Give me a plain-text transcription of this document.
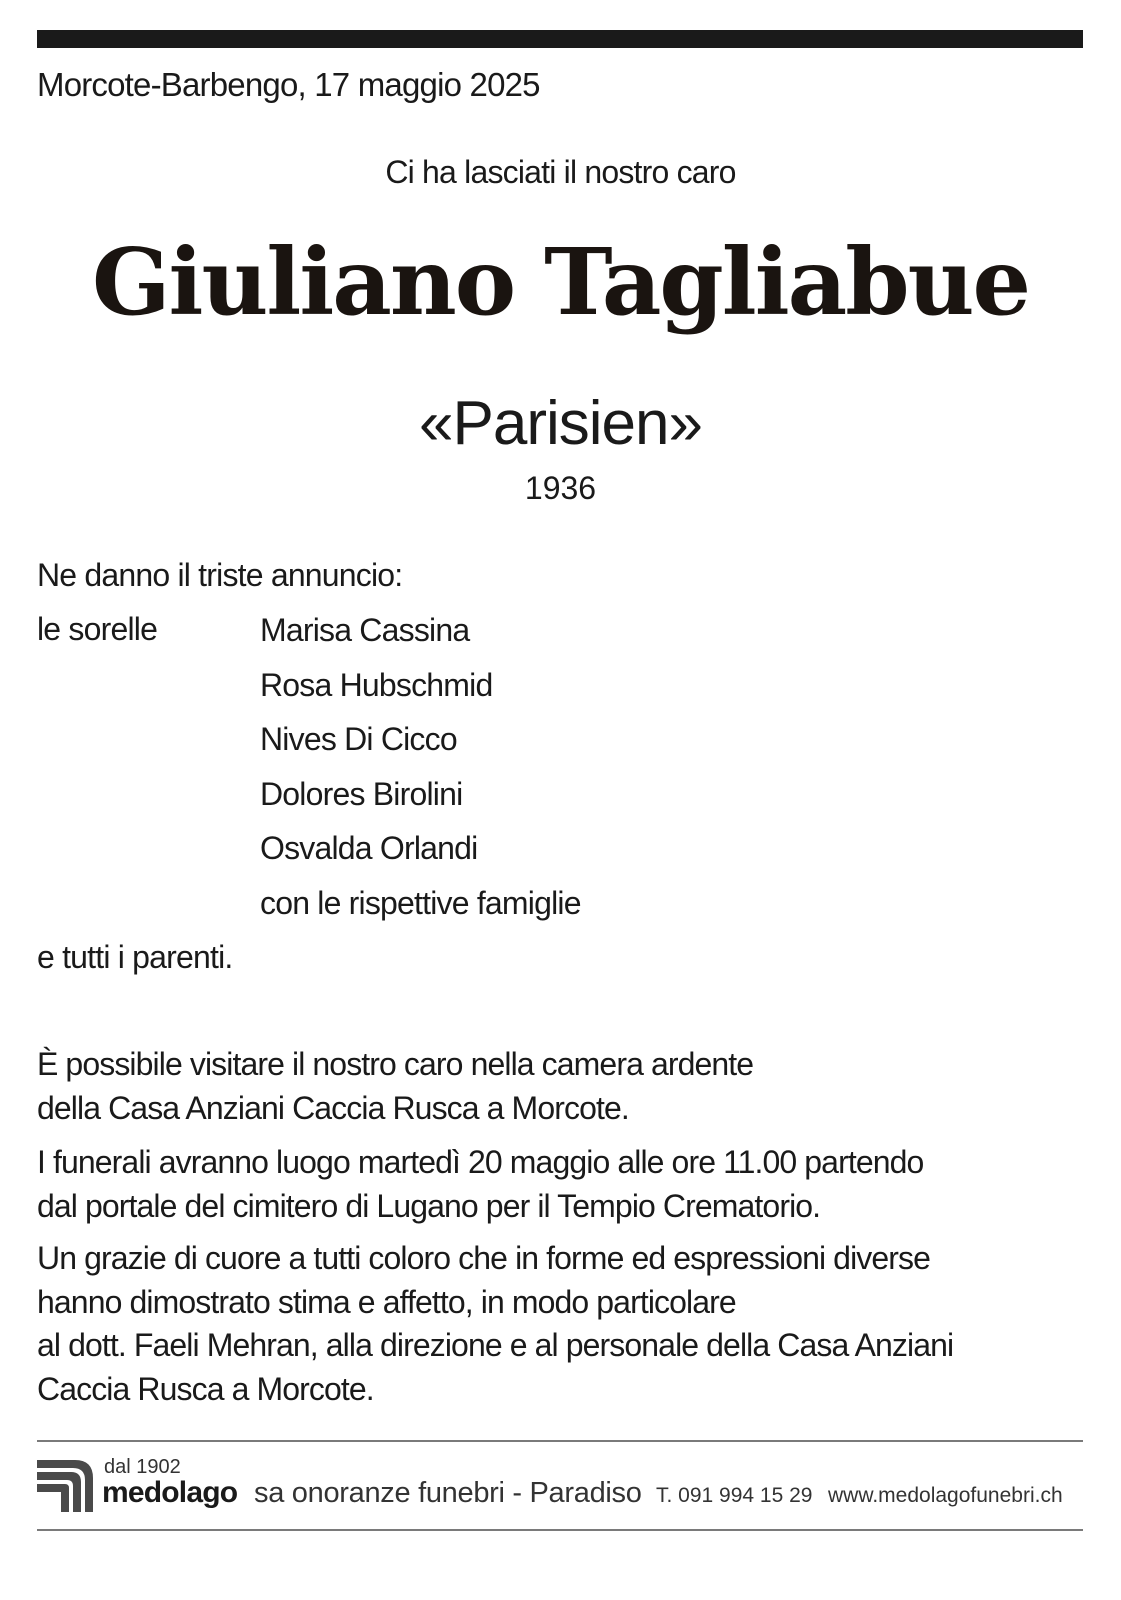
Morcote-Barbengo, 17 maggio 2025
Ci ha lasciati il nostro caro
Giuliano Tagliabue
«Parisien»
1936
Ne danno il triste annuncio:
le sorelle	Marisa Cassina
Rosa Hubschmid
Nives Di Cicco
Dolores Birolini
Osvalda Orlandi
con le rispettive famiglie
e tutti i parenti.
È possibile visitare il nostro caro nella camera ardente
della Casa Anziani Caccia Rusca a Morcote.
I funerali avranno luogo martedì 20 maggio alle ore 11.00 partendo
dal portale del cimitero di Lugano per il Tempio Crematorio.
Un grazie di cuore a tutti coloro che in forme ed espressioni diverse
hanno dimostrato stima e affetto, in modo particolare
al dott. Faeli Mehran, alla direzione e al personale della Casa Anziani
Caccia Rusca a Morcote.
dal 1902
medolago sa onoranze funebri - Paradiso T. 091 994 15 29 www.medolagofunebri.ch
